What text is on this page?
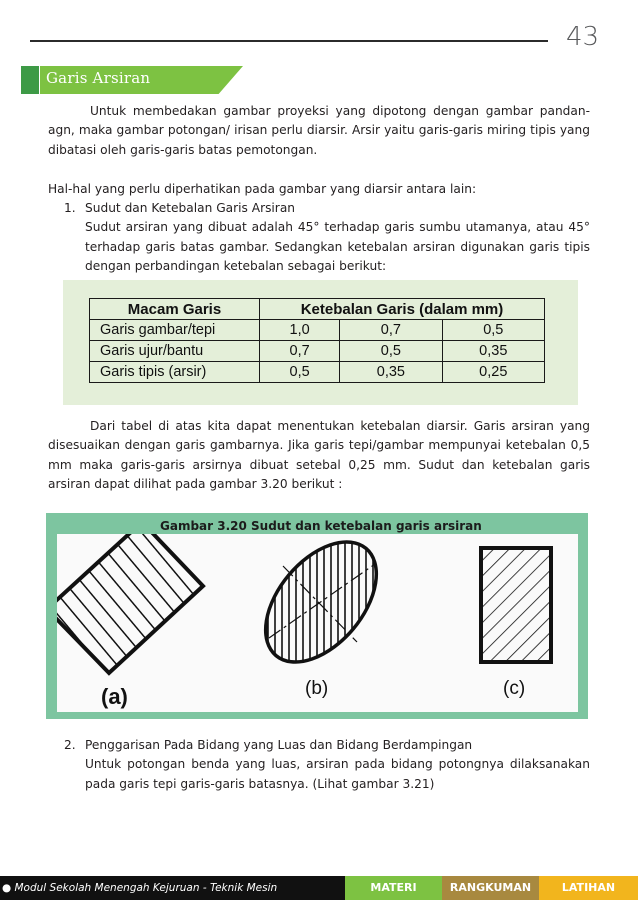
43
Garis Arsiran

Untuk membedakan gambar proyeksi yang dipotong dengan gambar pandan-agn, maka gambar potongan/ irisan perlu diarsir. Arsir yaitu garis-garis miring tipis yang dibatasi oleh garis-garis batas pemotongan.

Hal-hal yang perlu diperhatikan pada gambar yang diarsir antara lain:

1. Sudut dan Ketebalan Garis Arsiran
Sudut arsiran yang dibuat adalah 45° terhadap garis sumbu utamanya, atau 45° terhadap garis batas gambar. Sedangkan ketebalan arsiran digunakan garis tipis dengan perbandingan ketebalan sebagai berikut:
Macam Garis	Ketebalan Garis (dalam mm)		
Garis gambar/tepi	1,0	0,7	0,5
Garis ujur/bantu	0,7	0,5	0,35
Garis tipis (arsir)	0,5	0,35	0,25

Dari tabel di atas kita dapat menentukan ketebalan diarsir. Garis arsiran yang disesuaikan dengan garis gambarnya. Jika garis tepi/gambar mempunyai ketebalan 0,5 mm maka garis-garis arsirnya dibuat setebal 0,25 mm. Sudut dan ketebalan garis arsiran dapat dilihat pada gambar 3.20 berikut :

Gambar 3.20 Sudut dan ketebalan garis arsiran
(a)	(b)	(c)
2. Penggarisan Pada Bidang yang Luas dan Bidang Berdampingan
Untuk potongan benda yang luas, arsiran pada bidang potongnya dilaksanakan pada garis tepi garis-garis batasnya. (Lihat gambar 3.21)
● Modul Sekolah Menengah Kejuruan - Teknik Mesin	MATERI	RANGKUMAN	LATIHAN
